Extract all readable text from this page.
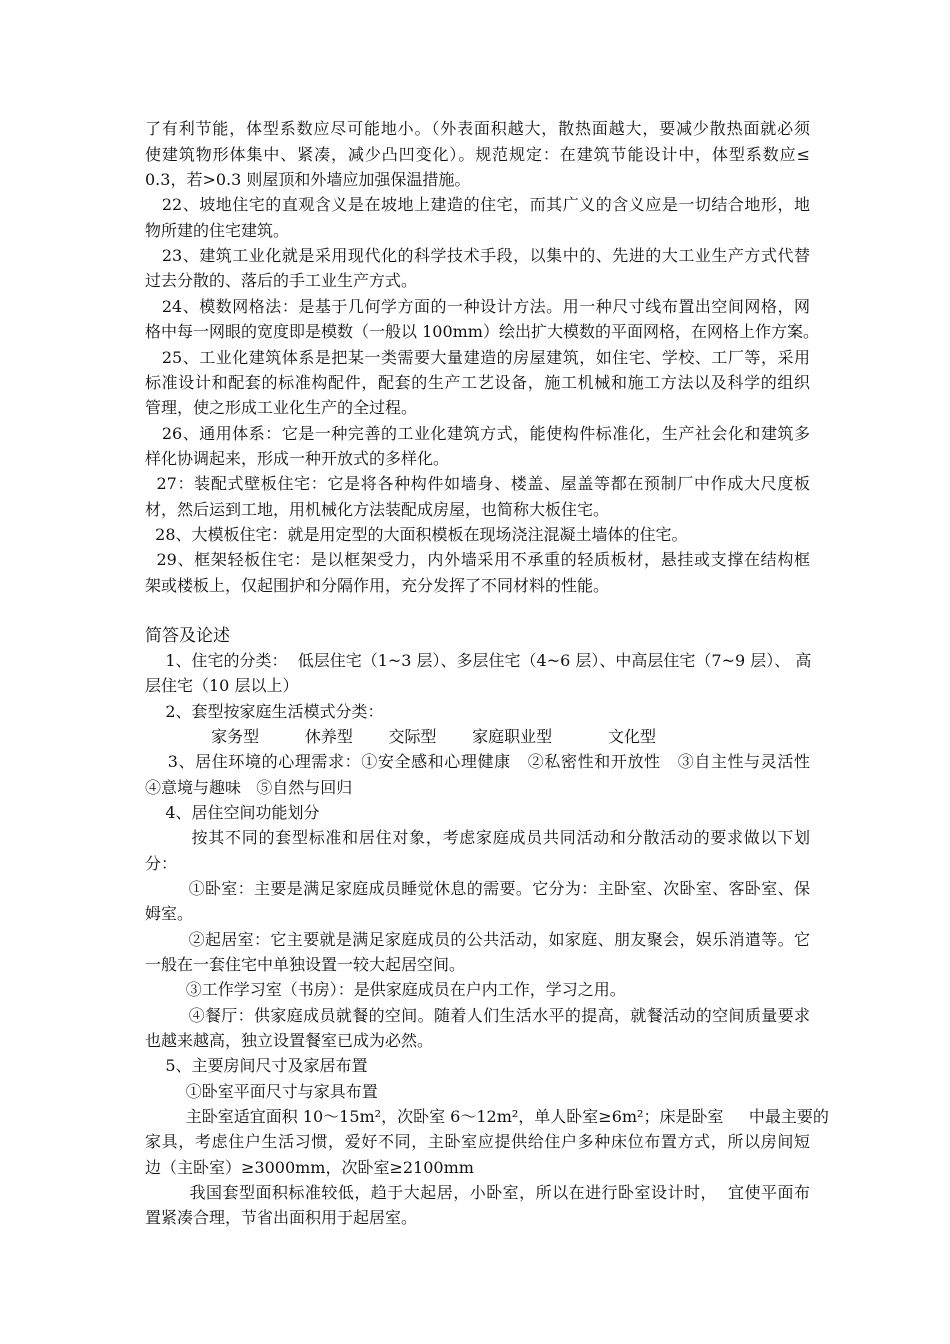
了有利节能，体型系数应尽可能地小。（外表面积越大，散热面越大，要减少散热面就必须
使建筑物形体集中、紧凑，减少凸凹变化）。规范规定：在建筑节能设计中，体型系数应≤
0.3，若>0.3 则屋顶和外墙应加强保温措施。
22、坡地住宅的直观含义是在坡地上建造的住宅，而其广义的含义应是一切结合地形，地
物所建的住宅建筑。
23、建筑工业化就是采用现代化的科学技术手段，以集中的、先进的大工业生产方式代替
过去分散的、落后的手工业生产方式。
24、模数网格法：是基于几何学方面的一种设计方法。用一种尺寸线布置出空间网格，网
格中每一网眼的宽度即是模数（一般以 100mm）绘出扩大模数的平面网格，在网格上作方案。
25、工业化建筑体系是把某一类需要大量建造的房屋建筑，如住宅、学校、工厂等，采用
标准设计和配套的标准构配件，配套的生产工艺设备，施工机械和施工方法以及科学的组织
管理，使之形成工业化生产的全过程。
26、通用体系：它是一种完善的工业化建筑方式，能使构件标准化，生产社会化和建筑多
样化协调起来，形成一种开放式的多样化。
27：装配式壁板住宅：它是将各种构件如墙身、楼盖、屋盖等都在预制厂中作成大尺度板
材，然后运到工地，用机械化方法装配成房屋，也简称大板住宅。
28、大模板住宅：就是用定型的大面积模板在现场浇注混凝土墙体的住宅。
29、框架轻板住宅：是以框架受力，内外墙采用不承重的轻质板材，悬挂或支撑在结构框
架或楼板上，仅起围护和分隔作用，充分发挥了不同材料的性能。
简答及论述
1、住宅的分类：  低层住宅（1~3 层）、多层住宅（4~6 层）、中高层住宅（7~9 层）、 高
层住宅（10 层以上）
2、套型按家庭生活模式分类：
家务型         休养型       交际型       家庭职业型           文化型
3、居住环境的心理需求：①安全感和心理健康   ②私密性和开放性   ③自主性与灵活性
④意境与趣味   ⑤自然与回归
4、居住空间功能划分
按其不同的套型标准和居住对象，考虑家庭成员共同活动和分散活动的要求做以下划
分：
①卧室：主要是满足家庭成员睡觉休息的需要。它分为：主卧室、次卧室、客卧室、保
姆室。
②起居室：它主要就是满足家庭成员的公共活动，如家庭、朋友聚会，娱乐消遣等。它
一般在一套住宅中单独设置一较大起居空间。
③工作学习室（书房）：是供家庭成员在户内工作，学习之用。
④餐厅：供家庭成员就餐的空间。随着人们生活水平的提高，就餐活动的空间质量要求
也越来越高，独立设置餐室已成为必然。
5、主要房间尺寸及家居布置
①卧室平面尺寸与家具布置
主卧室适宜面积 10～15m²，次卧室 6～12m²，单人卧室≥6m²；床是卧室     中最主要的
家具，考虑住户生活习惯，爱好不同，主卧室应提供给住户多种床位布置方式，所以房间短
边（主卧室）≥3000mm，次卧室≥2100mm
我国套型面积标准较低，趋于大起居，小卧室，所以在进行卧室设计时，  宜使平面布
置紧凑合理，节省出面积用于起居室。
